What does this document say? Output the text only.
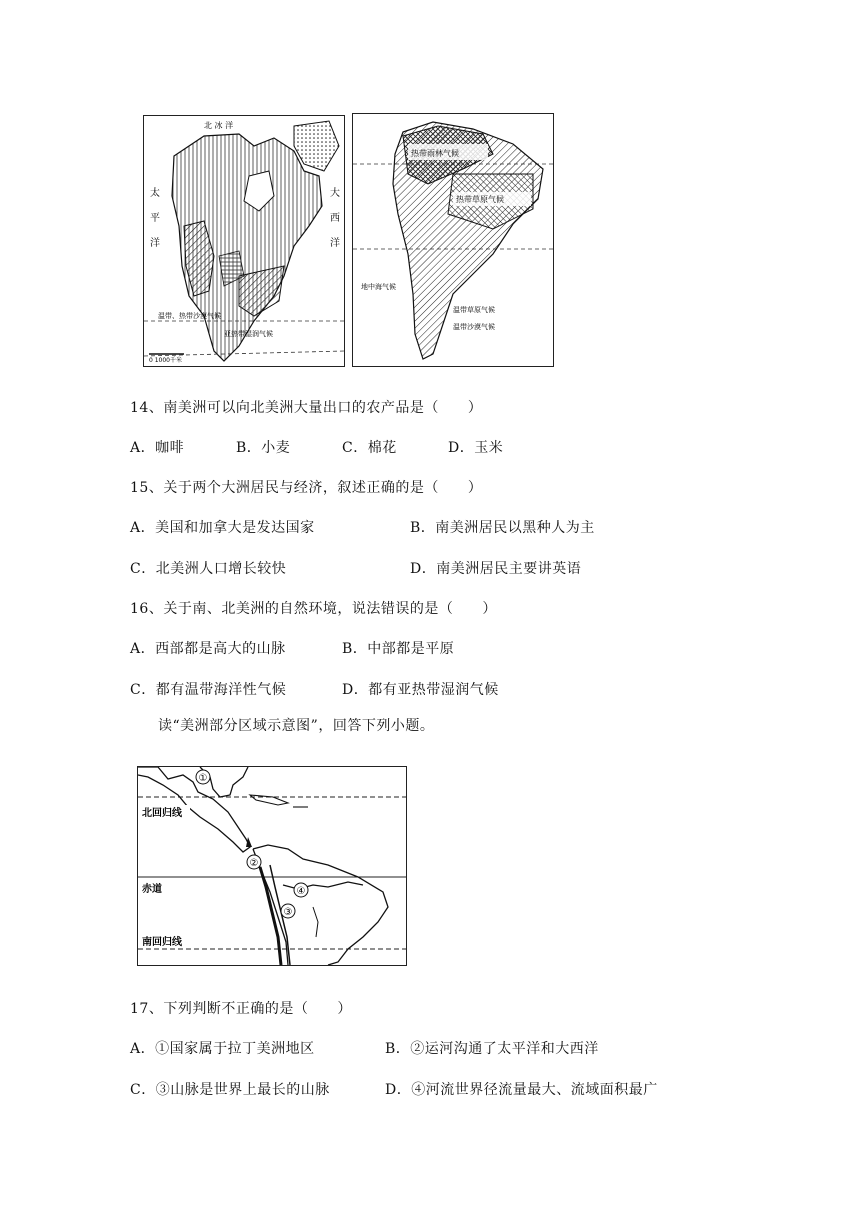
北 冰 洋
太
平
洋
大
西
洋
温带、热带沙漠气候
亚热带湿润气候
0 1000千米
热带雨林气候
热带草原气候
地中海气候
温带草原气候
温带沙漠气候
14、南美洲可以向北美洲大量出口的农产品是（　　）
A．咖啡	B．小麦	C．棉花	D．玉米
15、关于两个大洲居民与经济，叙述正确的是（　　）
A．美国和加拿大是发达国家	B．南美洲居民以黑种人为主
C．北美洲人口增长较快	D．南美洲居民主要讲英语
16、关于南、北美洲的自然环境，说法错误的是（　　）
A．西部都是高大的山脉	B．中部都是平原
C．都有温带海洋性气候	D．都有亚热带湿润气候
读“美洲部分区域示意图”，回答下列小题。
①
②
③
④
北回归线
赤道
南回归线
17、下列判断不正确的是（　　）
A．①国家属于拉丁美洲地区	B．②运河沟通了太平洋和大西洋
C．③山脉是世界上最长的山脉	D．④河流世界径流量最大、流域面积最广
